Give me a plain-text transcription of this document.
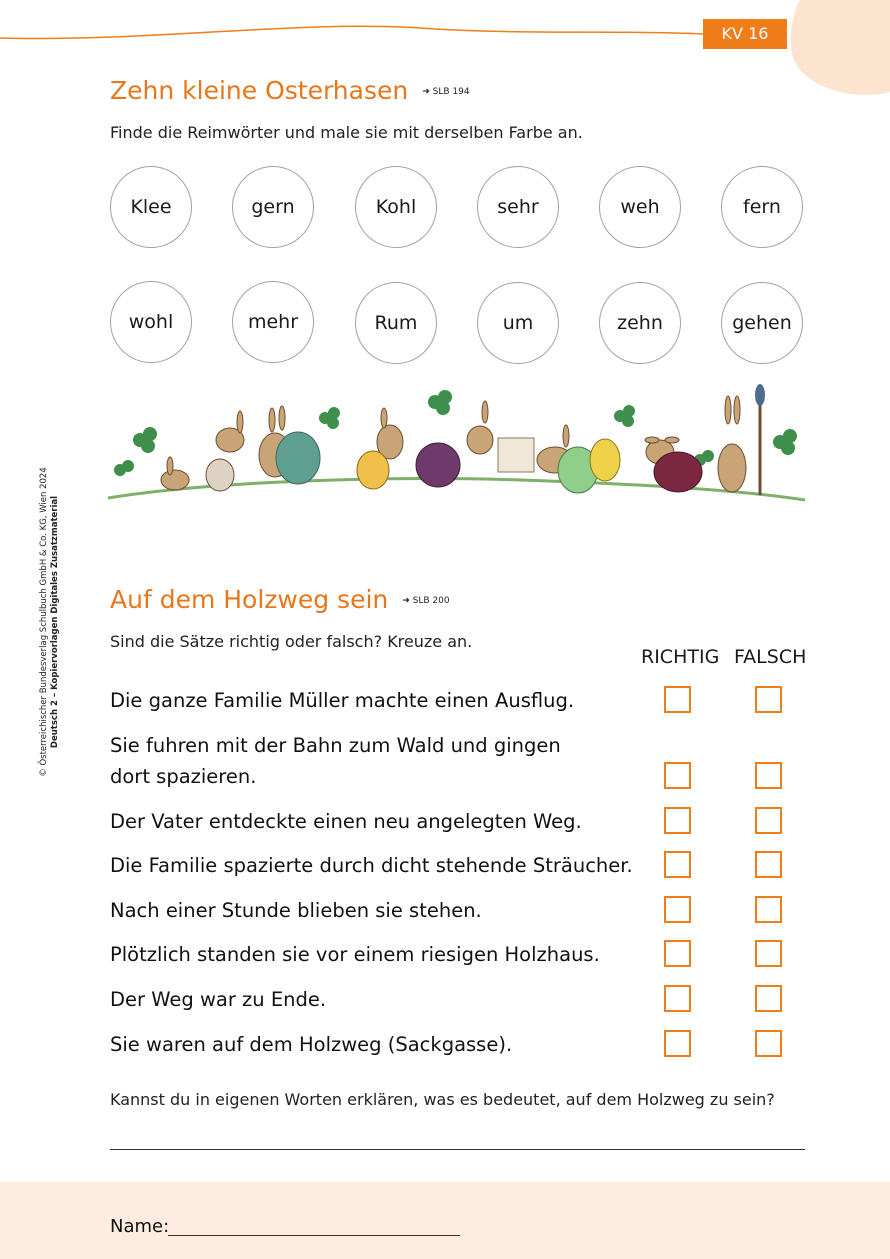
KV 16
© Österreichischer Bundesverlag Schulbuch GmbH & Co. KG, Wien 2024 Deutsch 2 – Kopiervorlagen Digitales Zusatzmaterial
Zehn kleine Osterhasen ➜ SLB 194
Finde die Reimwörter und male sie mit derselben Farbe an.
Klee	gern	Kohl	sehr	weh	fern
wohl	mehr	Rum	um	zehn	gehen
Auf dem Holzweg sein ➜ SLB 200
Sind die Sätze richtig oder falsch? Kreuze an.
RICHTIG FALSCH
Die ganze Familie Müller machte einen Ausflug.
Sie fuhren mit der Bahn zum Wald und gingen
dort spazieren.
Der Vater entdeckte einen neu angelegten Weg.
Die Familie spazierte durch dicht stehende Sträucher.
Nach einer Stunde blieben sie stehen.
Plötzlich standen sie vor einem riesigen Holzhaus.
Der Weg war zu Ende.
Sie waren auf dem Holzweg (Sackgasse).
Kannst du in eigenen Worten erklären, was es bedeutet, auf dem Holzweg zu sein?
Name:
